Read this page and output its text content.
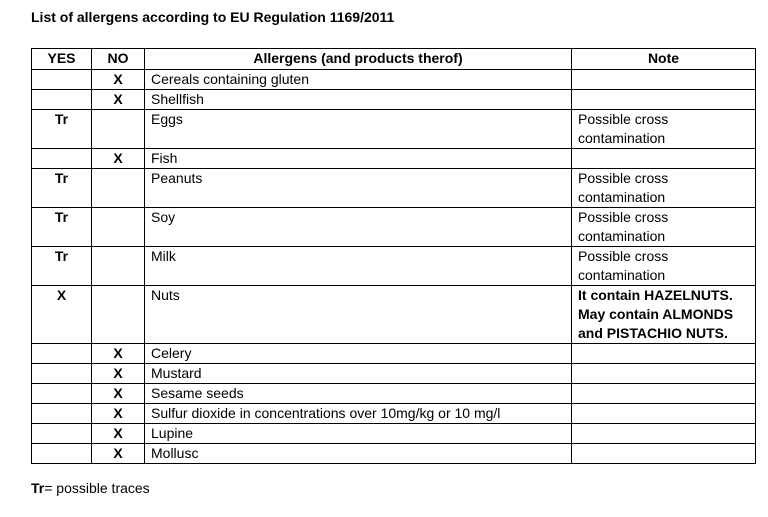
List of allergens according to EU Regulation 1169/2011
YES	NO	Allergens (and products therof)	Note
	X	Cereals containing gluten	
	X	Shellfish	
Tr		Eggs	Possible cross contamination
	X	Fish	
Tr		Peanuts	Possible cross contamination
Tr		Soy	Possible cross contamination
Tr		Milk	Possible cross contamination
X		Nuts	It contain HAZELNUTS. May contain ALMONDS and PISTACHIO NUTS.
	X	Celery	
	X	Mustard	
	X	Sesame seeds	
	X	Sulfur dioxide in concentrations over 10mg/kg or 10 mg/l	
	X	Lupine	
	X	Mollusc	
Tr= possible traces
